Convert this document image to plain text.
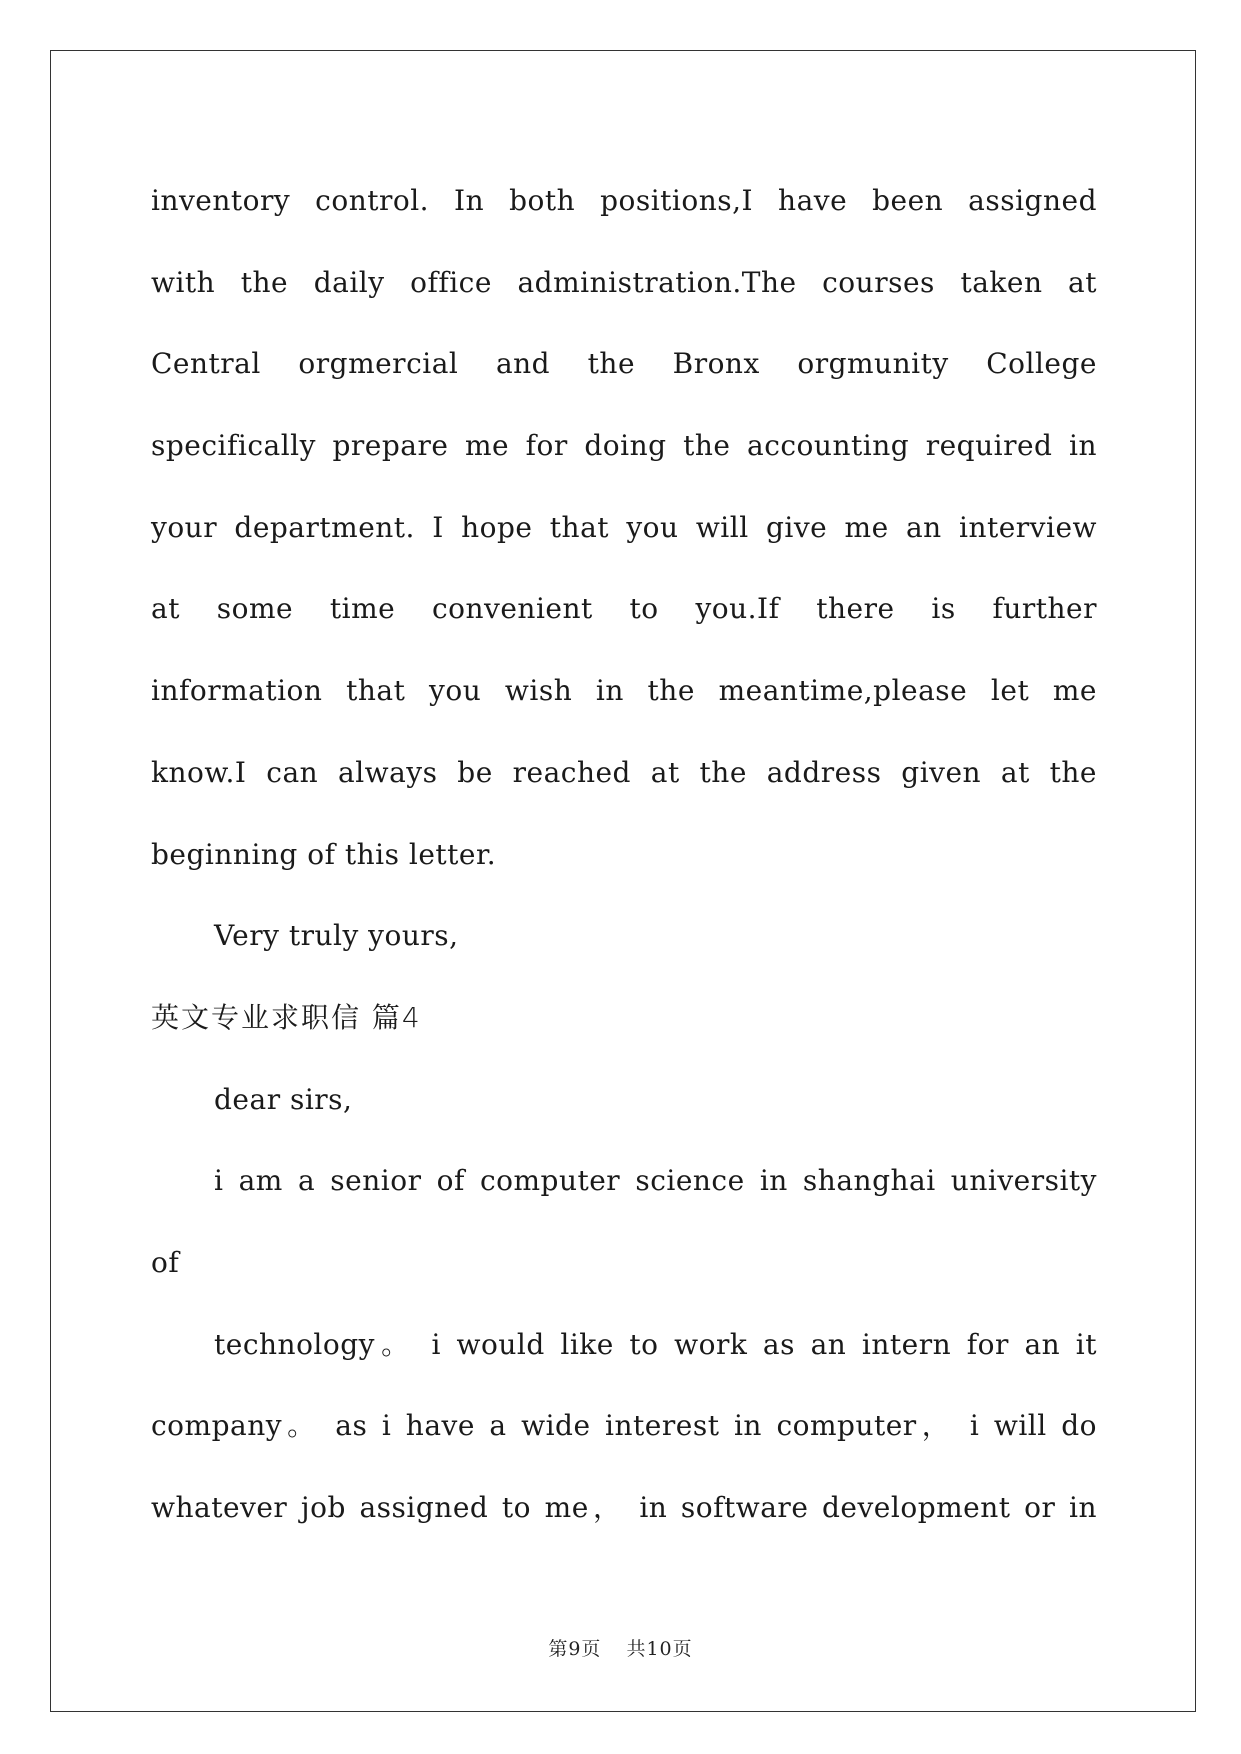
inventory control. In both positions,I have been assigned
with the daily office administration.The courses taken at
Central orgmercial and the Bronx orgmunity College
specifically prepare me for doing the accounting required in
your department. I hope that you will give me an interview
at some time convenient to you.If there is further
information that you wish in the meantime,please let me
know.I can always be reached at the address given at the
beginning of this letter.
Very truly yours,
英文专业求职信 篇4
dear sirs,
i am a senior of computer science in shanghai university
of
technology。 i would like to work as an intern for an it
company。 as i have a wide interest in computer， i will do
whatever job assigned to me， in software development or in
第9页 共10页
